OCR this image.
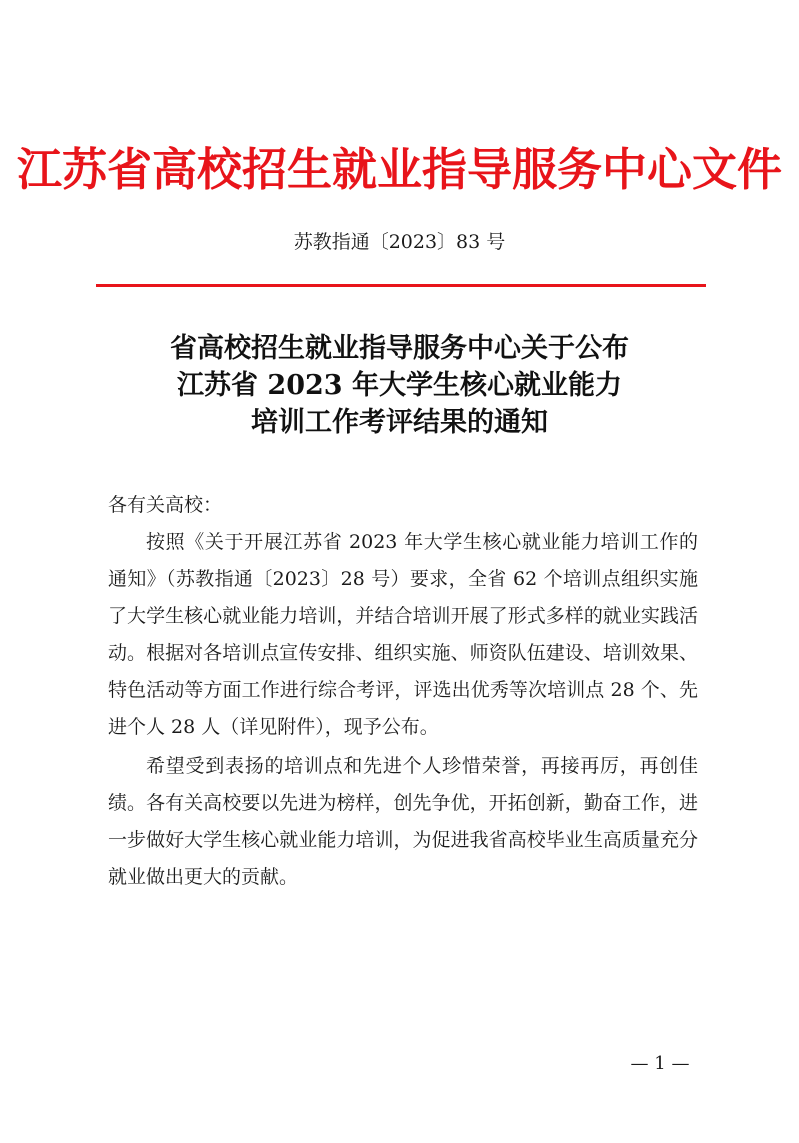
江苏省高校招生就业指导服务中心文件
苏教指通〔2023〕83 号
省高校招生就业指导服务中心关于公布
江苏省 2023 年大学生核心就业能力
培训工作考评结果的通知

各有关高校：

按照《关于开展江苏省 2023 年大学生核心就业能力培训工作的通知》（苏教指通〔2023〕28 号）要求，全省 62 个培训点组织实施了大学生核心就业能力培训，并结合培训开展了形式多样的就业实践活动。根据对各培训点宣传安排、组织实施、师资队伍建设、培训效果、特色活动等方面工作进行综合考评，评选出优秀等次培训点 28 个、先进个人 28 人（详见附件），现予公布。

希望受到表扬的培训点和先进个人珍惜荣誉，再接再厉，再创佳绩。各有关高校要以先进为榜样，创先争优，开拓创新，勤奋工作，进一步做好大学生核心就业能力培训，为促进我省高校毕业生高质量充分就业做出更大的贡献。

— 1 —
